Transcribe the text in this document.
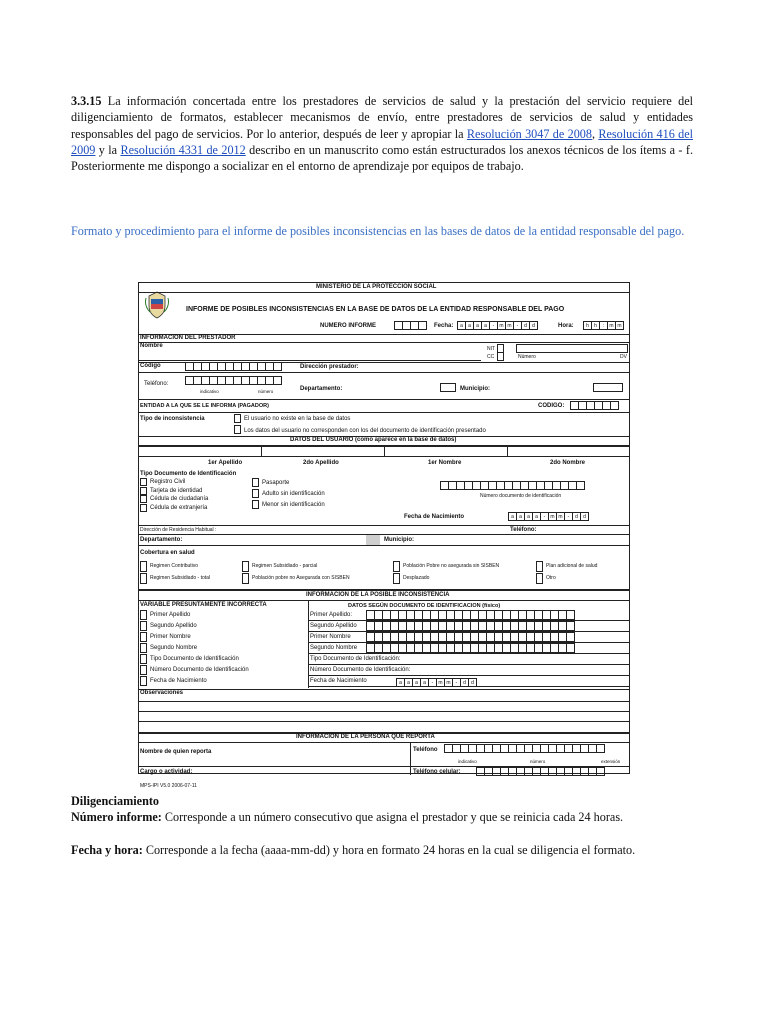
3.3.15 La información concertada entre los prestadores de servicios de salud y la prestación del servicio requiere del diligenciamiento de formatos, establecer mecanismos de envío, entre prestadores de servicios de salud y entidades responsables del pago de servicios. Por lo anterior, después de leer y apropiar la Resolución 3047 de 2008, Resolución 416 del 2009 y la Resolución 4331 de 2012 describo en un manuscrito como están estructurados los anexos técnicos de los ítems a - f. Posteriormente me dispongo a socializar en el entorno de aprendizaje por equipos de trabajo.
Formato y procedimiento para el informe de posibles inconsistencias en las bases de datos de la entidad responsable del pago.
MINISTERIO DE LA PROTECCION SOCIAL
INFORME DE POSIBLES INCONSISTENCIAS EN LA BASE DE DATOS DE LA ENTIDAD RESPONSABLE DEL PAGO
NUMERO INFORME	Fecha:	a	a	a	a	-	m m	-	d	d	Hora:	h	h	:	m m
INFORMACION DEL PRESTADOR
Nombre	NIT
CC	Número	DV
Código	Dirección prestador:
Teléfono:
indicativo	número	Departamento:	Municipio:
ENTIDAD A LA QUE SE LE INFORMA (PAGADOR)	CODIGO:
Tipo de inconsistencia	El usuario no existe en la base de datos
Los datos del usuario no corresponden con los del documento de identificación presentado
DATOS DEL USUARIO (como aparece en la base de datos)
1er Apellido	2do Apellido	1er Nombre	2do Nombre
Tipo Documento de Identificación
Número documento de identificación
Fecha de Nacimiento	a	a	a	a	-	m m	-	d	d
Dirección de Residencia Habitual :	Teléfono:
Departamento:	Municipio:
Cobertura en salud
INFORMACION DE LA POSIBLE INCONSISTENCIA
VARIABLE PRESUNTAMENTE INCORRECTA	DATOS SEGÚN DOCUMENTO DE IDENTIFICACION (físico)
Observaciones
INFORMACION DE LA PERSONA QUE REPORTA
Nombre de quien reporta	Teléfono
indicativo	número	extensión
Cargo o actividad:	Teléfono celular:
MPS-IPI V5.0 2006-07-11
Registro Civil
Tarjeta de identidad
Cédula de ciudadanía
Cédula de extranjería
Pasaporte
Adulto sin identificación
Menor sin identificación
Regimen Contributivo	Regimen Subsidiado - parcial	Población Pobre no asegurada sin SISBEN	Plan adicional de salud
Regimen Subsidiado - total	Población pobre no Asegurada con SISBEN	Desplazado	Otro
Primer Apellido	Primer Apellido:
Segundo Apellido	Segundo Apellido
Primer Nombre	Primer Nombre
Segundo Nombre	Segundo Nombre
Tipo Documento de Identificación	Tipo Documento de Identificación:
Número Documento de Identificación	Número Documento de Identificación:
Fecha de Nacimiento	Fecha de Nacimiento	a	a	a	a	-	m m	-	d	d
Diligenciamiento
Número informe: Corresponde a un número consecutivo que asigna el prestador y que se reinicia cada 24 horas.
Fecha y hora: Corresponde a la fecha (aaaa-mm-dd) y hora en formato 24 horas en la cual se diligencia el formato.
